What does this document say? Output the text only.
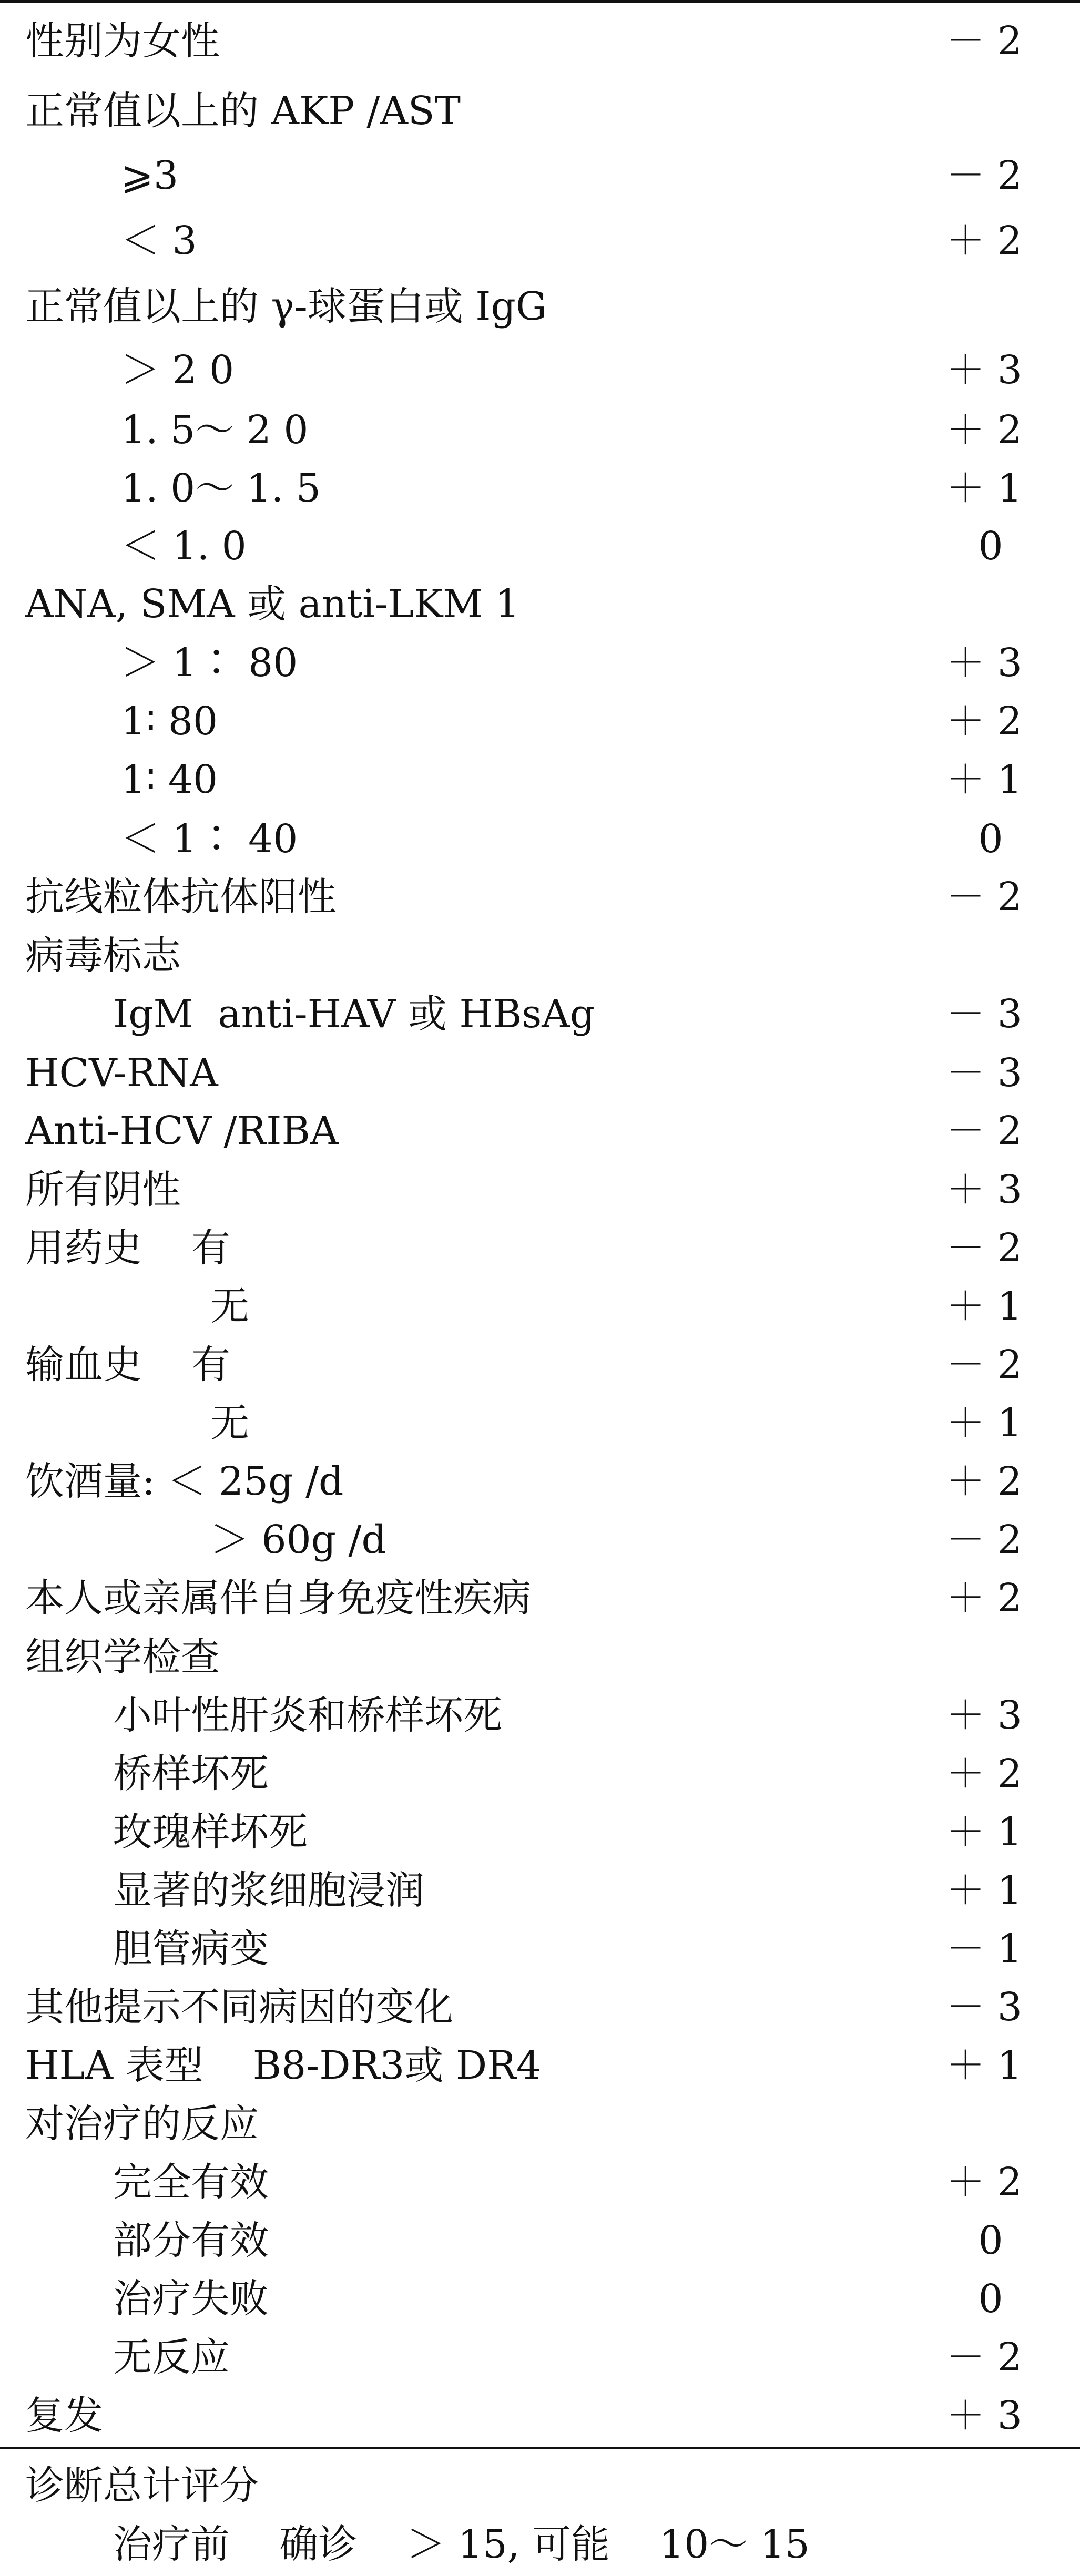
性别为女性	－ 2
正常值以上的 AKP /AST
⩾3	－ 2
＜ 3	＋ 2
正常值以上的 γ-球蛋白或 IgG
＞ 2 0	＋ 3
1. 5～ 2 0	＋ 2
1. 0～ 1. 5	＋ 1
＜ 1. 0	0
ANA, SMA 或 anti-LKM 1
＞ 1∶ 80	＋ 3
1∶ 80	＋ 2
1∶ 40	＋ 1
＜ 1∶ 40	0
抗线粒体抗体阳性	－ 2
病毒标志
IgM  anti-HAV 或 HBsAg	－ 3
HCV-RNA	－ 3
Anti-HCV /RIBA	－ 2
所有阴性	＋ 3
用药史    有	－ 2
无	＋ 1
输血史    有	－ 2
无	＋ 1
饮酒量: ＜ 25g /d	＋ 2
＞ 60g /d	－ 2
本人或亲属伴自身免疫性疾病	＋ 2
组织学检查
小叶性肝炎和桥样坏死	＋ 3
桥样坏死	＋ 2
玫瑰样坏死	＋ 1
显著的浆细胞浸润	＋ 1
胆管病变	－ 1
其他提示不同病因的变化	－ 3
HLA 表型    B8-DR3或 DR4	＋ 1
对治疗的反应
完全有效	＋ 2
部分有效	0
治疗失败	0
无反应	－ 2
复发	＋ 3
诊断总计评分
治疗前    确诊    ＞ 15, 可能    10～ 15
